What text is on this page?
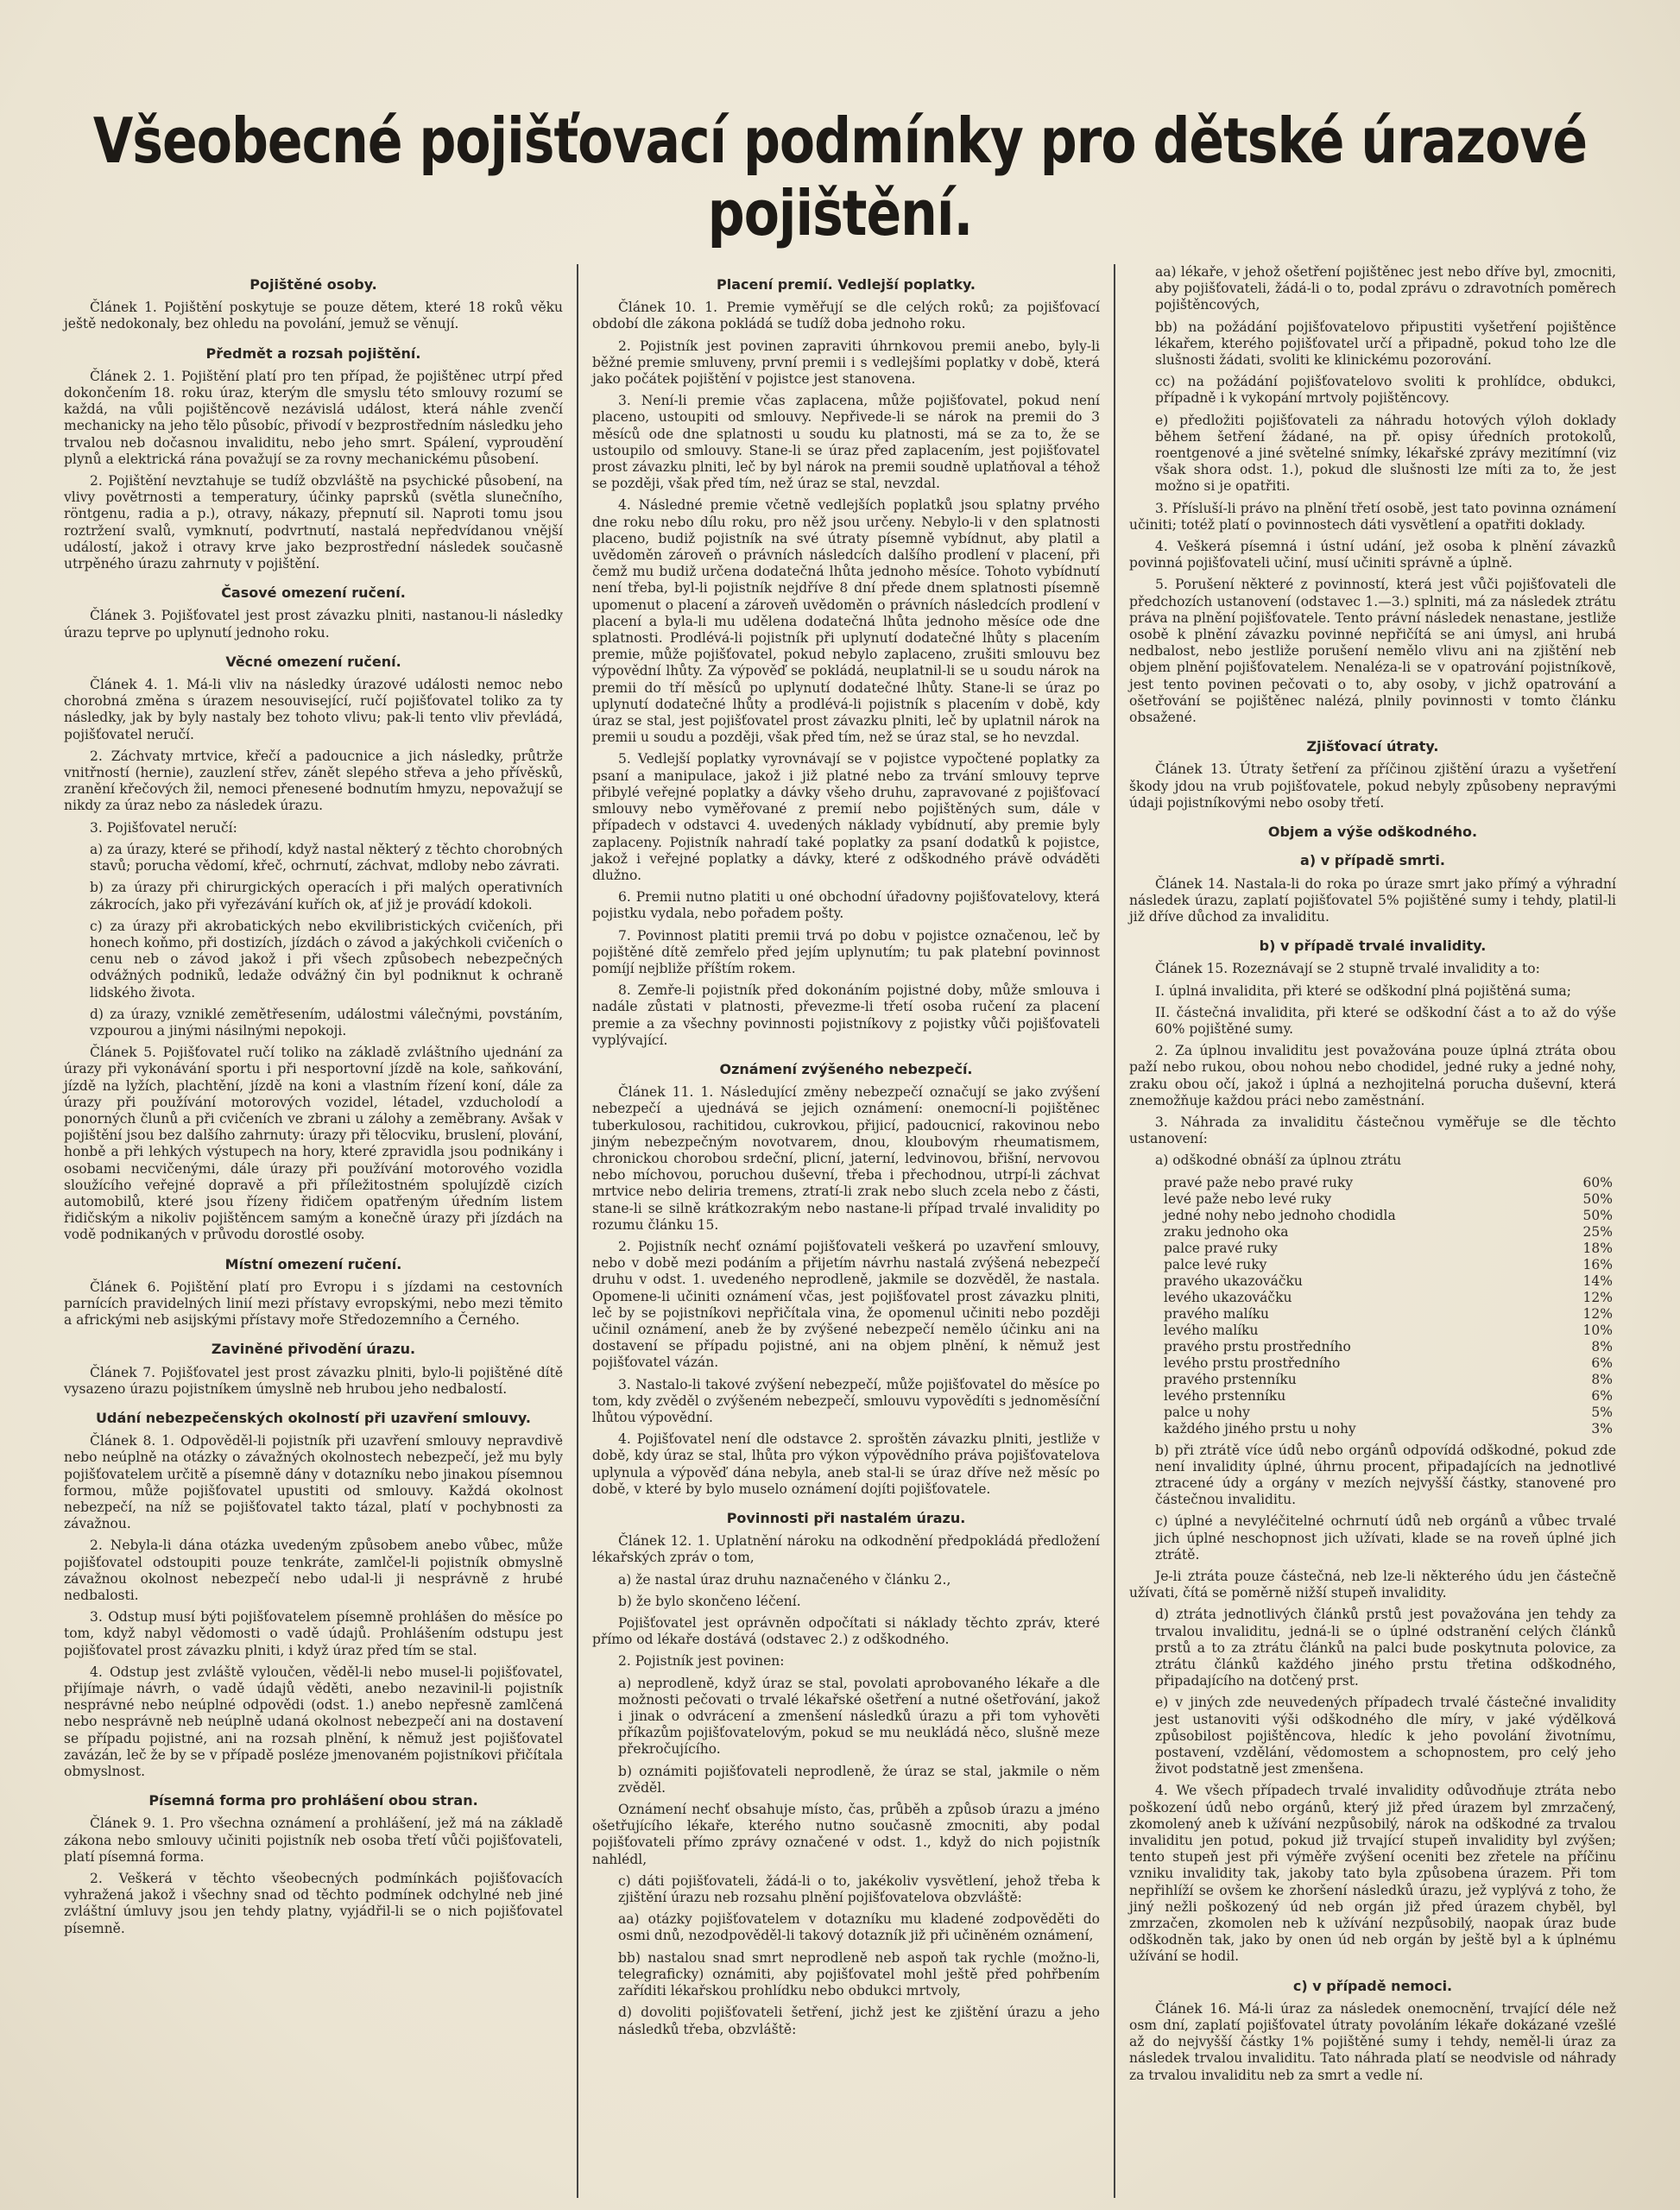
Všeobecné pojišťovací podmínky pro dětské úrazové pojištění.
Pojištěné osoby.

Článek 1. Pojištění poskytuje se pouze dětem, které 18 roků věku ještě nedokonaly, bez ohledu na povolání, jemuž se věnují.

Předmět a rozsah pojištění.

Článek 2. 1. Pojištění platí pro ten případ, že pojištěnec utrpí před dokončením 18. roku úraz, kterým dle smyslu této smlouvy rozumí se každá, na vůli pojištěncově nezávislá událost, která náhle zvenčí mechanicky na jeho tělo působíc, přivodí v bezprostředním následku jeho trvalou neb dočasnou invaliditu, nebo jeho smrt. Spálení, vyproudění plynů a elektrická rána považují se za rovny mechanickému působení.

2. Pojištění nevztahuje se tudíž obzvláště na psychické působení, na vlivy povětrnosti a temperatury, účinky paprsků (světla slunečního, röntgenu, radia a p.), otravy, nákazy, přepnutí sil. Naproti tomu jsou roztržení svalů, vymknutí, podvrtnutí, nastalá nepředvídanou vnější událostí, jakož i otravy krve jako bezprostřední následek současně utrpěného úrazu zahrnuty v pojištění.

Časové omezení ručení.

Článek 3. Pojišťovatel jest prost závazku plniti, nastanou-li následky úrazu teprve po uplynutí jednoho roku.

Věcné omezení ručení.

Článek 4. 1. Má-li vliv na následky úrazové události nemoc nebo chorobná změna s úrazem nesouvisející, ručí pojišťovatel toliko za ty následky, jak by byly nastaly bez tohoto vlivu; pak-li tento vliv převládá, pojišťovatel neručí.

2. Záchvaty mrtvice, křečí a padoucnice a jich následky, průtrže vnitřností (hernie), zauzlení střev, zánět slepého střeva a jeho přívěsků, zranění křečových žil, nemoci přenesené bodnutím hmyzu, nepovažují se nikdy za úraz nebo za následek úrazu.

3. Pojišťovatel neručí:

a) za úrazy, které se přihodí, když nastal některý z těchto chorobných stavů; porucha vědomí, křeč, ochrnutí, záchvat, mdloby nebo závrati.

b) za úrazy při chirurgických operacích i při malých operativních zákrocích, jako při vyřezávání kuřích ok, ať již je provádí kdokoli.

c) za úrazy při akrobatických nebo ekvilibristických cvičeních, při honech koňmo, při dostizích, jízdách o závod a jakýchkoli cvičeních o cenu neb o závod jakož i při všech způsobech nebezpečných odvážných podniků, ledaže odvážný čin byl podniknut k ochraně lidského života.

d) za úrazy, vzniklé zemětřesením, událostmi válečnými, povstáním, vzpourou a jinými násilnými nepokoji.

Článek 5. Pojišťovatel ručí toliko na základě zvláštního ujednání za úrazy při vykonávání sportu i při nesportovní jízdě na kole, saňkování, jízdě na lyžích, plachtění, jízdě na koni a vlastním řízení koní, dále za úrazy při používání motorových vozidel, létadel, vzducholodí a ponorných člunů a při cvičeních ve zbrani u zálohy a zeměbrany. Avšak v pojištění jsou bez dalšího zahrnuty: úrazy při tělocviku, bruslení, plování, honbě a při lehkých výstupech na hory, které zpravidla jsou podnikány i osobami necvičenými, dále úrazy při používání motorového vozidla sloužícího veřejné dopravě a při příležitostném spolujízdě cizích automobilů, které jsou řízeny řidičem opatřeným úředním listem řidičským a nikoliv pojištěncem samým a konečně úrazy při jízdách na vodě podnikaných v průvodu dorostlé osoby.

Místní omezení ručení.

Článek 6. Pojištění platí pro Evropu i s jízdami na cestovních parnících pravidelných linií mezi přístavy evropskými, nebo mezi těmito a africkými neb asijskými přístavy moře Středozemního a Černého.

Zaviněné přivodění úrazu.

Článek 7. Pojišťovatel jest prost závazku plniti, bylo-li pojištěné dítě vysazeno úrazu pojistníkem úmyslně neb hrubou jeho nedbalostí.

Udání nebezpečenských okolností při uzavření smlouvy.

Článek 8. 1. Odpověděl-li pojistník při uzavření smlouvy nepravdivě nebo neúplně na otázky o závažných okolnostech nebezpečí, jež mu byly pojišťovatelem určitě a písemně dány v dotazníku nebo jinakou písemnou formou, může pojišťovatel upustiti od smlouvy. Každá okolnost nebezpečí, na níž se pojišťovatel takto tázal, platí v pochybnosti za závažnou.

2. Nebyla-li dána otázka uvedeným způsobem anebo vůbec, může pojišťovatel odstoupiti pouze tenkráte, zamlčel-li pojistník obmyslně závažnou okolnost nebezpečí nebo udal-li ji nesprávně z hrubé nedbalosti.

3. Odstup musí býti pojišťovatelem písemně prohlášen do měsíce po tom, když nabyl vědomosti o vadě údajů. Prohlášením odstupu jest pojišťovatel prost závazku plniti, i když úraz před tím se stal.

4. Odstup jest zvláště vyloučen, věděl-li nebo musel-li pojišťovatel, přijímaje návrh, o vadě údajů věděti, anebo nezavinil-li pojistník nesprávné nebo neúplné odpovědi (odst. 1.) anebo nepřesně zamlčená nebo nesprávně neb neúplně udaná okolnost nebezpečí ani na dostavení se případu pojistné, ani na rozsah plnění, k němuž jest pojišťovatel zavázán, leč že by se v případě posléze jmenovaném pojistníkovi přičítala obmyslnost.

Písemná forma pro prohlášení obou stran.

Článek 9. 1. Pro všechna oznámení a prohlášení, jež má na základě zákona nebo smlouvy učiniti pojistník neb osoba třetí vůči pojišťovateli, platí písemná forma.

2. Veškerá v těchto všeobecných podmínkách pojišťovacích vyhražená jakož i všechny snad od těchto podmínek odchylné neb jiné zvláštní úmluvy jsou jen tehdy platny, vyjádřil-li se o nich pojišťovatel písemně.

Placení premií. Vedlejší poplatky.

Článek 10. 1. Premie vyměřují se dle celých roků; za pojišťovací období dle zákona pokládá se tudíž doba jednoho roku.

2. Pojistník jest povinen zapraviti úhrnkovou premii anebo, byly-li běžné premie smluveny, první premii i s vedlejšími poplatky v době, která jako počátek pojištění v pojistce jest stanovena.

3. Není-li premie včas zaplacena, může pojišťovatel, pokud není placeno, ustoupiti od smlouvy. Nepřivede-li se nárok na premii do 3 měsíců ode dne splatnosti u soudu ku platnosti, má se za to, že se ustoupilo od smlouvy. Stane-li se úraz před zaplacením, jest pojišťovatel prost závazku plniti, leč by byl nárok na premii soudně uplatňoval a téhož se později, však před tím, než úraz se stal, nevzdal.

4. Následné premie včetně vedlejších poplatků jsou splatny prvého dne roku nebo dílu roku, pro něž jsou určeny. Nebylo-li v den splatnosti placeno, budiž pojistník na své útraty písemně vybídnut, aby platil a uvědoměn zároveň o právních následcích dalšího prodlení v placení, při čemž mu budiž určena dodatečná lhůta jednoho měsíce. Tohoto vybídnutí není třeba, byl-li pojistník nejdříve 8 dní přede dnem splatnosti písemně upomenut o placení a zároveň uvědoměn o právních následcích prodlení v placení a byla-li mu udělena dodatečná lhůta jednoho měsíce ode dne splatnosti. Prodlévá-li pojistník při uplynutí dodatečné lhůty s placením premie, může pojišťovatel, pokud nebylo zaplaceno, zrušiti smlouvu bez výpovědní lhůty. Za výpověď se pokládá, neuplatnil-li se u soudu nárok na premii do tří měsíců po uplynutí dodatečné lhůty. Stane-li se úraz po uplynutí dodatečné lhůty a prodlévá-li pojistník s placením v době, kdy úraz se stal, jest pojišťovatel prost závazku plniti, leč by uplatnil nárok na premii u soudu a později, však před tím, než se úraz stal, se ho nevzdal.

5. Vedlejší poplatky vyrovnávají se v pojistce vypočtené poplatky za psaní a manipulace, jakož i již platné nebo za trvání smlouvy teprve přibylé veřejné poplatky a dávky všeho druhu, zapravované z pojišťovací smlouvy nebo vyměřované z premií nebo pojištěných sum, dále v případech v odstavci 4. uvedených náklady vybídnutí, aby premie byly zaplaceny. Pojistník nahradí také poplatky za psaní dodatků k pojistce, jakož i veřejné poplatky a dávky, které z odškodného právě odváděti dlužno.

6. Premii nutno platiti u oné obchodní úřadovny pojišťovatelovy, která pojistku vydala, nebo pořadem pošty.

7. Povinnost platiti premii trvá po dobu v pojistce označenou, leč by pojištěné dítě zemřelo před jejím uplynutím; tu pak platební povinnost pomíjí nejbliže příštím rokem.

8. Zemře-li pojistník před dokonáním pojistné doby, může smlouva i nadále zůstati v platnosti, převezme-li třetí osoba ručení za placení premie a za všechny povinnosti pojistníkovy z pojistky vůči pojišťovateli vyplývající.

Oznámení zvýšeného nebezpečí.

Článek 11. 1. Následující změny nebezpečí označují se jako zvýšení nebezpečí a ujednává se jejich oznámení: onemocní-li pojištěnec tuberkulosou, rachitidou, cukrovkou, přijicí, padoucnicí, rakovinou nebo jiným nebezpečným novotvarem, dnou, kloubovým rheumatismem, chronickou chorobou srdeční, plicní, jaterní, ledvinovou, břišní, nervovou nebo míchovou, poruchou duševní, třeba i přechodnou, utrpí-li záchvat mrtvice nebo deliria tremens, ztratí-li zrak nebo sluch zcela nebo z části, stane-li se silně krátkozrakým nebo nastane-li případ trvalé invalidity po rozumu článku 15.

2. Pojistník nechť oznámí pojišťovateli veškerá po uzavření smlouvy, nebo v době mezi podáním a přijetím návrhu nastalá zvýšená nebezpečí druhu v odst. 1. uvedeného neprodleně, jakmile se dozvěděl, že nastala. Opomene-li učiniti oznámení včas, jest pojišťovatel prost závazku plniti, leč by se pojistníkovi nepřičítala vina, že opomenul učiniti nebo později učinil oznámení, aneb že by zvýšené nebezpečí nemělo účinku ani na dostavení se případu pojistné, ani na objem plnění, k němuž jest pojišťovatel vázán.

3. Nastalo-li takové zvýšení nebezpečí, může pojišťovatel do měsíce po tom, kdy zvěděl o zvýšeném nebezpečí, smlouvu vypovědíti s jednoměsíční lhůtou výpovědní.

4. Pojišťovatel není dle odstavce 2. sproštěn závazku plniti, jestliže v době, kdy úraz se stal, lhůta pro výkon výpovědního práva pojišťovatelova uplynula a výpověď dána nebyla, aneb stal-li se úraz dříve než měsíc po době, v které by bylo muselo oznámení dojíti pojišťovatele.

Povinnosti při nastalém úrazu.

Článek 12. 1. Uplatnění nároku na odkodnění předpokládá předložení lékařských zpráv o tom,

a) že nastal úraz druhu naznačeného v článku 2.,

b) že bylo skončeno léčení.

Pojišťovatel jest oprávněn odpočítati si náklady těchto zpráv, které přímo od lékaře dostává (odstavec 2.) z odškodného.

2. Pojistník jest povinen:

a) neprodleně, když úraz se stal, povolati aprobovaného lékaře a dle možnosti pečovati o trvalé lékařské ošetření a nutné ošetřování, jakož i jinak o odvrácení a zmenšení následků úrazu a při tom vyhověti příkazům pojišťovatelovým, pokud se mu neukládá něco, slušně meze překročujícího.

b) oznámiti pojišťovateli neprodleně, že úraz se stal, jakmile o něm zvěděl.

Oznámení nechť obsahuje místo, čas, průběh a způsob úrazu a jméno ošetřujícího lékaře, kterého nutno současně zmocniti, aby podal pojišťovateli přímo zprávy označené v odst. 1., když do nich pojistník nahlédl,

c) dáti pojišťovateli, žádá-li o to, jakékoliv vysvětlení, jehož třeba k zjištění úrazu neb rozsahu plnění pojišťovatelova obzvláště:

aa) otázky pojišťovatelem v dotazníku mu kladené zodpověděti do osmi dnů, nezodpověděl-li takový dotazník již při učiněném oznámení,

bb) nastalou snad smrt neprodleně neb aspoň tak rychle (možno-li, telegraficky) oznámiti, aby pojišťovatel mohl ještě před pohřbením zaříditi lékařskou prohlídku nebo obdukci mrtvoly,

d) dovoliti pojišťovateli šetření, jichž jest ke zjištění úrazu a jeho následků třeba, obzvláště:

aa) lékaře, v jehož ošetření pojištěnec jest nebo dříve byl, zmocniti, aby pojišťovateli, žádá-li o to, podal zprávu o zdravotních poměrech pojištěncových,

bb) na požádání pojišťovatelovo připustiti vyšetření pojištěnce lékařem, kterého pojišťovatel určí a připadně, pokud toho lze dle slušnosti žádati, svoliti ke klinickému pozorování.

cc) na požádání pojišťovatelovo svoliti k prohlídce, obdukci, případně i k vykopání mrtvoly pojištěncovy.

e) předložiti pojišťovateli za náhradu hotových výloh doklady během šetření žádané, na př. opisy úředních protokolů, roentgenové a jiné světelné snímky, lékařské zprávy mezitímní (viz však shora odst. 1.), pokud dle slušnosti lze míti za to, že jest možno si je opatřiti.

3. Přísluší-li právo na plnění třetí osobě, jest tato povinna oznámení učiniti; totéž platí o povinnostech dáti vysvětlení a opatřiti doklady.

4. Veškerá písemná i ústní udání, jež osoba k plnění závazků povinná pojišťovateli učiní, musí učiniti správně a úplně.

5. Porušení některé z povinností, která jest vůči pojišťovateli dle předchozích ustanovení (odstavec 1.—3.) splniti, má za následek ztrátu práva na plnění pojišťovatele. Tento právní následek nenastane, jestliže osobě k plnění závazku povinné nepřičítá se ani úmysl, ani hrubá nedbalost, nebo jestliže porušení nemělo vlivu ani na zjištění neb objem plnění pojišťovatelem. Nenaléza-li se v opatrování pojistníkově, jest tento povinen pečovati o to, aby osoby, v jichž opatrování a ošetřování se pojištěnec nalézá, plnily povinnosti v tomto článku obsažené.

Zjišťovací útraty.

Článek 13. Útraty šetření za příčinou zjištění úrazu a vyšetření škody jdou na vrub pojišťovatele, pokud nebyly způsobeny nepravými údaji pojistníkovými nebo osoby třetí.

Objem a výše odškodného.
a) v případě smrti.

Článek 14. Nastala-li do roka po úraze smrt jako přímý a výhradní následek úrazu, zaplatí pojišťovatel 5% pojištěné sumy i tehdy, platil-li již dříve důchod za invaliditu.

b) v případě trvalé invalidity.

Článek 15. Rozeznávají se 2 stupně trvalé invalidity a to:

I. úplná invalidita, při které se odškodní plná pojištěná suma;

II. částečná invalidita, při které se odškodní část a to až do výše 60% pojištěné sumy.

2. Za úplnou invaliditu jest považována pouze úplná ztráta obou paží nebo rukou, obou nohou nebo chodidel, jedné ruky a jedné nohy, zraku obou očí, jakož i úplná a nezhojitelná porucha duševní, která znemožňuje každou práci nebo zaměstnání.

3. Náhrada za invaliditu částečnou vyměřuje se dle těchto ustanovení:

a) odškodné obnáší za úplnou ztrátu

pravé paže nebo pravé ruky	60%
levé paže nebo levé ruky	50%
jedné nohy nebo jednoho chodidla	50%
zraku jednoho oka	25%
palce pravé ruky	18%
palce levé ruky	16%
pravého ukazováčku	14%
levého ukazováčku	12%
pravého malíku	12%
levého malíku	10%
pravého prstu prostředního	8%
levého prstu prostředního	6%
pravého prstenníku	8%
levého prstenníku	6%
palce u nohy	5%
každého jiného prstu u nohy	3%

b) při ztrátě více údů nebo orgánů odpovídá odškodné, pokud zde není invalidity úplné, úhrnu procent, připadajících na jednotlivé ztracené údy a orgány v mezích nejvyšší částky, stanovené pro částečnou invaliditu.

c) úplné a nevyléčitelné ochrnutí údů neb orgánů a vůbec trvalé jich úplné neschopnost jich užívati, klade se na roveň úplné jich ztrátě.

Je-li ztráta pouze částečná, neb lze-li některého údu jen částečně užívati, čítá se poměrně nižší stupeň invalidity.

d) ztráta jednotlivých článků prstů jest považována jen tehdy za trvalou invaliditu, jedná-li se o úplné odstranění celých článků prstů a to za ztrátu článků na palci bude poskytnuta polovice, za ztrátu článků každého jiného prstu třetina odškodného, připadajícího na dotčený prst.

e) v jiných zde neuvedených případech trvalé částečné invalidity jest ustanoviti výši odškodného dle míry, v jaké výdělková způsobilost pojištěncova, hledíc k jeho povolání životnímu, postavení, vzdělání, vědomostem a schopnostem, pro celý jeho život podstatně jest zmenšena.

4. We všech případech trvalé invalidity odůvodňuje ztráta nebo poškození údů nebo orgánů, který již před úrazem byl zmrzačený, zkomolený aneb k užívání nezpůsobilý, nárok na odškodné za trvalou invaliditu jen potud, pokud již trvající stupeň invalidity byl zvýšen; tento stupeň jest při výměře zvýšení oceniti bez zřetele na příčinu vzniku invalidity tak, jakoby tato byla způsobena úrazem. Při tom nepřihlíží se ovšem ke zhoršení následků úrazu, jež vyplývá z toho, že jiný nežli poškozený úd neb orgán již před úrazem chyběl, byl zmrzačen, zkomolen neb k užívání nezpůsobilý, naopak úraz bude odškodněn tak, jako by onen úd neb orgán by ještě byl a k úplnému užívání se hodil.

c) v případě nemoci.

Článek 16. Má-li úraz za následek onemocnění, trvající déle než osm dní, zaplatí pojišťovatel útraty povoláním lékaře dokázané vzešlé až do nejvyšší částky 1% pojištěné sumy i tehdy, neměl-li úraz za následek trvalou invaliditu. Tato náhrada platí se neodvisle od náhrady za trvalou invaliditu neb za smrt a vedle ní.
